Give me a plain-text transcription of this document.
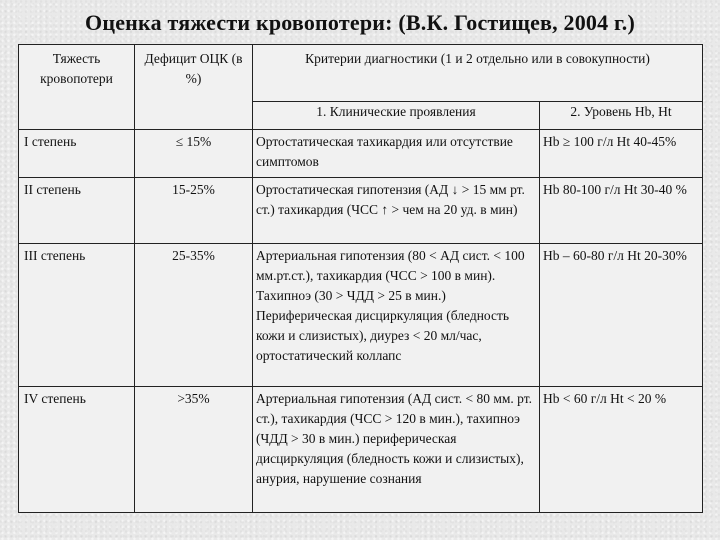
Оценка тяжести кровопотери: (В.К. Гостищев, 2004 г.)
Тяжесть кровопотери	Дефицит ОЦК (в %)	Критерии диагностики (1 и 2 отдельно или в совокупности)	
		1. Клинические проявления	2. Уровень Hb, Ht
I степень	≤ 15%	Ортостатическая тахикардия или отсутствие симптомов	Hb ≥ 100 г/л Ht 40-45%
II степень	15-25%	Ортостатическая гипотензия (АД ↓ > 15 мм рт. ст.) тахикардия (ЧСС ↑ > чем на 20 уд. в мин)	Hb 80-100 г/л Ht 30-40 %
III степень	25-35%	Артериальная гипотензия (80 < АД сист. < 100 мм.рт.ст.), тахикардия (ЧСС > 100 в мин). Тахипноэ (30 > ЧДД > 25 в мин.) Периферическая дисциркуляция (бледность кожи и слизистых), диурез < 20 мл/час, ортостатический коллапс	Hb – 60-80 г/л Ht 20-30%
IV степень	>35%	Артериальная гипотензия (АД сист. < 80 мм. рт. ст.), тахикардия (ЧСС > 120 в мин.), тахипноэ (ЧДД > 30 в мин.) периферическая дисциркуляция (бледность кожи и слизистых), анурия, нарушение сознания	Hb < 60 г/л Ht < 20 %
